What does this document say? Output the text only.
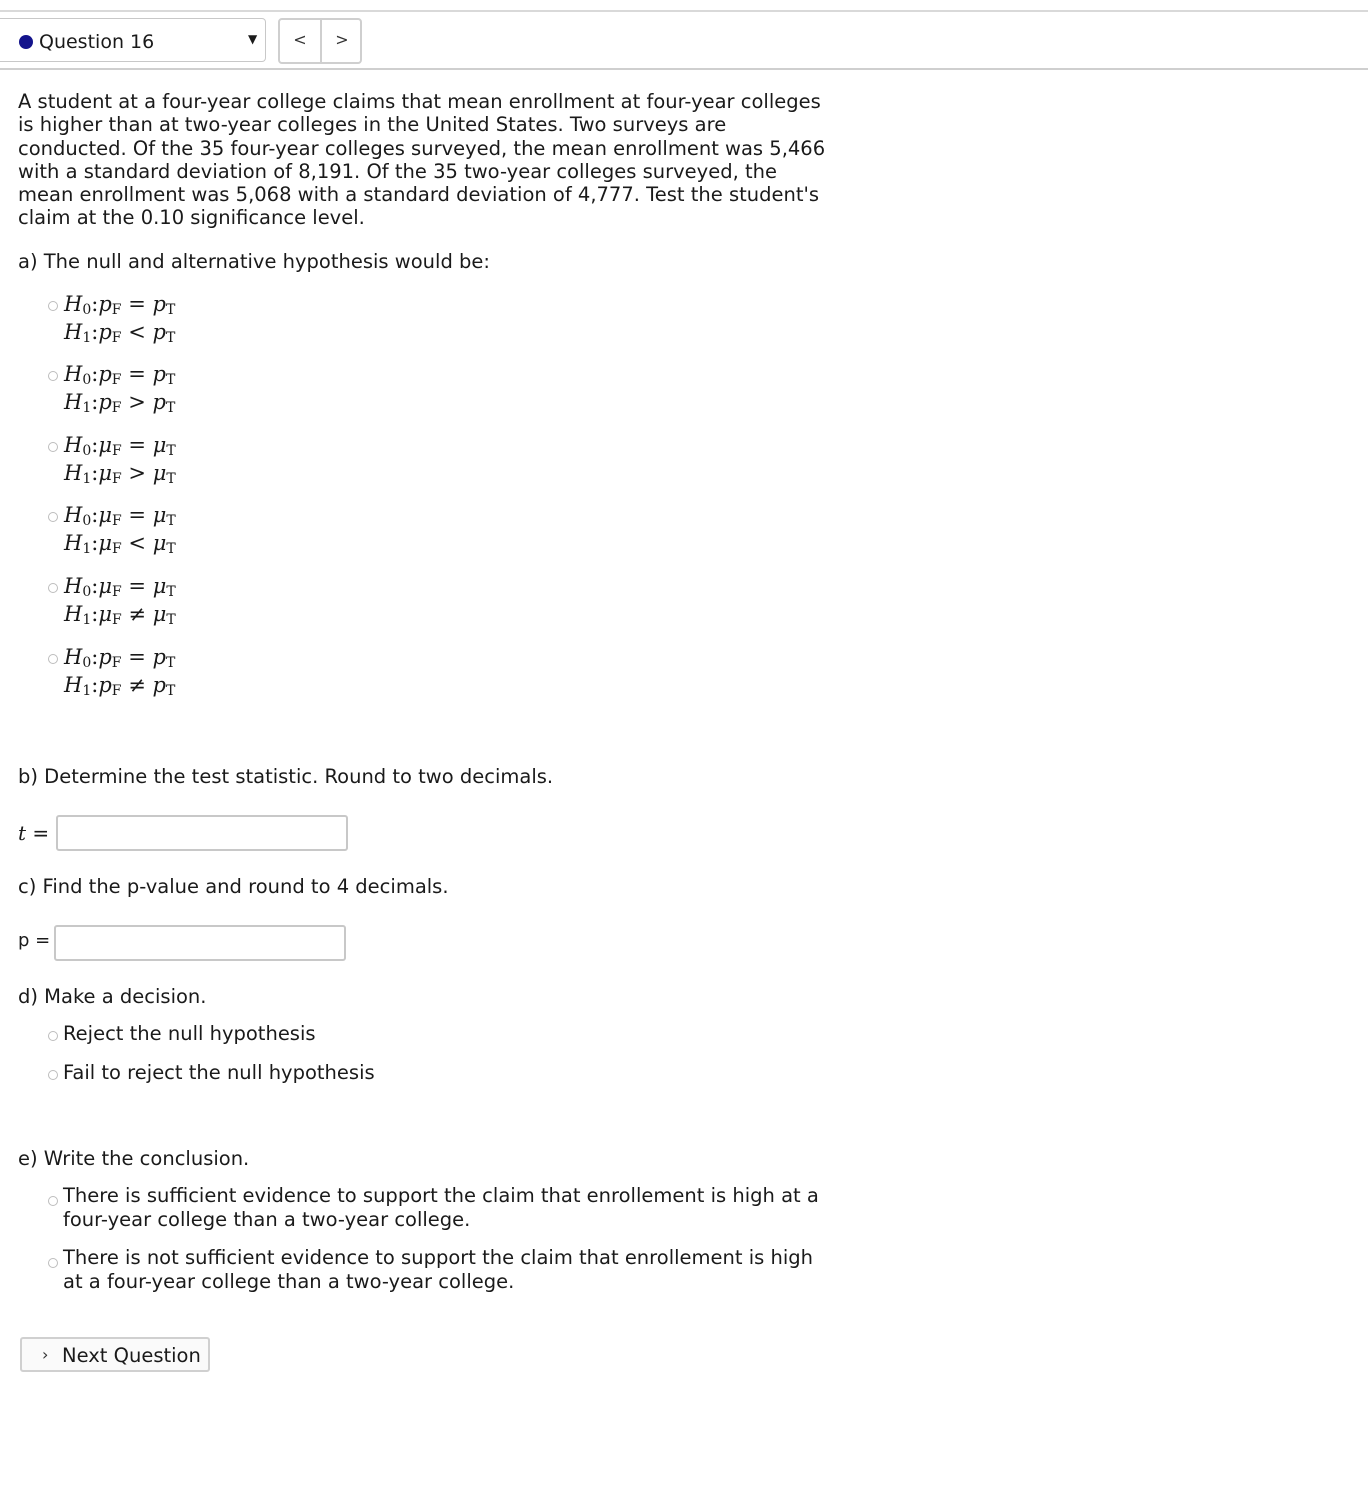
Question 16	▼	<	>
A student at a four-year college claims that mean enrollment at four-year colleges is higher than at two-year colleges in the United States. Two surveys are conducted. Of the 35 four-year colleges surveyed, the mean enrollment was 5,466 with a standard deviation of 8,191. Of the 35 two-year colleges surveyed, the mean enrollment was 5,068 with a standard deviation of 4,777. Test the student's claim at the 0.10 significance level.
a) The null and alternative hypothesis would be:
$H_0:p_F = p_T$
$H_1:p_F < p_T$
$H_0:p_F = p_T$
$H_1:p_F > p_T$
$H_0:\mu_F = \mu_T$
$H_1:\mu_F > \mu_T$
$H_0:\mu_F = \mu_T$
$H_1:\mu_F < \mu_T$
$H_0:\mu_F = \mu_T$
$H_1:\mu_F \ne \mu_T$
$H_0:p_F = p_T$
$H_1:p_F \ne p_T$
b) Determine the test statistic. Round to two decimals.
t =
c) Find the p-value and round to 4 decimals.
p =
d) Make a decision.
Reject the null hypothesis
Fail to reject the null hypothesis
e) Write the conclusion.
There is sufficient evidence to support the claim that enrollement is high at a four-year college than a two-year college.
There is not sufficient evidence to support the claim that enrollement is high at a four-year college than a two-year college.
› Next Question
